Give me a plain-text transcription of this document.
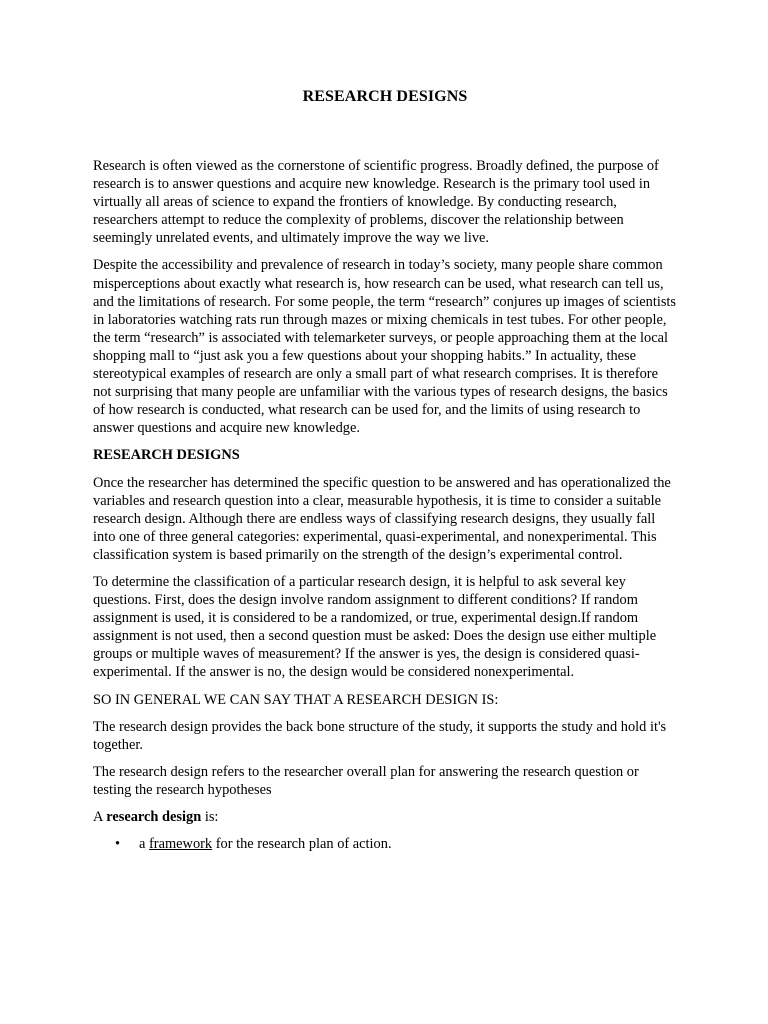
RESEARCH DESIGNS

Research is often viewed as the cornerstone of scientific progress. Broadly defined, the purpose of research is to answer questions and acquire new knowledge. Research is the primary tool used in virtually all areas of science to expand the frontiers of knowledge. By conducting research, researchers attempt to reduce the complexity of problems, discover the relationship between seemingly unrelated events, and ultimately improve the way we live.

Despite the accessibility and prevalence of research in today’s society, many people share common misperceptions about exactly what research is, how research can be used, what research can tell us, and the limitations of research. For some people, the term “research” conjures up images of scientists in laboratories watching rats run through mazes or mixing chemicals in test tubes. For other people, the term “research” is associated with telemarketer surveys, or people approaching them at the local shopping mall to “just ask you a few questions about your shopping habits.” In actuality, these stereotypical examples of research are only a small part of what research comprises. It is therefore not surprising that many people are unfamiliar with the various types of research designs, the basics of how research is conducted, what research can be used for, and the limits of using research to answer questions and acquire new knowledge.

RESEARCH DESIGNS

Once the researcher has determined the specific question to be answered and has operationalized the variables and research question into a clear, measurable hypothesis, it is time to consider a suitable research design. Although there are endless ways of classifying research designs, they usually fall into one of three general categories: experimental, quasi-experimental, and nonexperimental. This classification system is based primarily on the strength of the design’s experimental control.

To determine the classification of a particular research design, it is helpful to ask several key questions. First, does the design involve random assignment to different conditions? If random assignment is used, it is considered to be a randomized, or true, experimental design.If random assignment is not used, then a second question must be asked: Does the design use either multiple groups or multiple waves of measurement? If the answer is yes, the design is considered quasi-experimental. If the answer is no, the design would be considered nonexperimental.

SO IN GENERAL WE CAN SAY THAT A RESEARCH DESIGN IS:

The research design provides the back bone structure of the study, it supports the study and hold it's together.

The research design refers to the researcher overall plan for answering the research question or testing the research hypotheses

A research design is:

• a framework for the research plan of action.
